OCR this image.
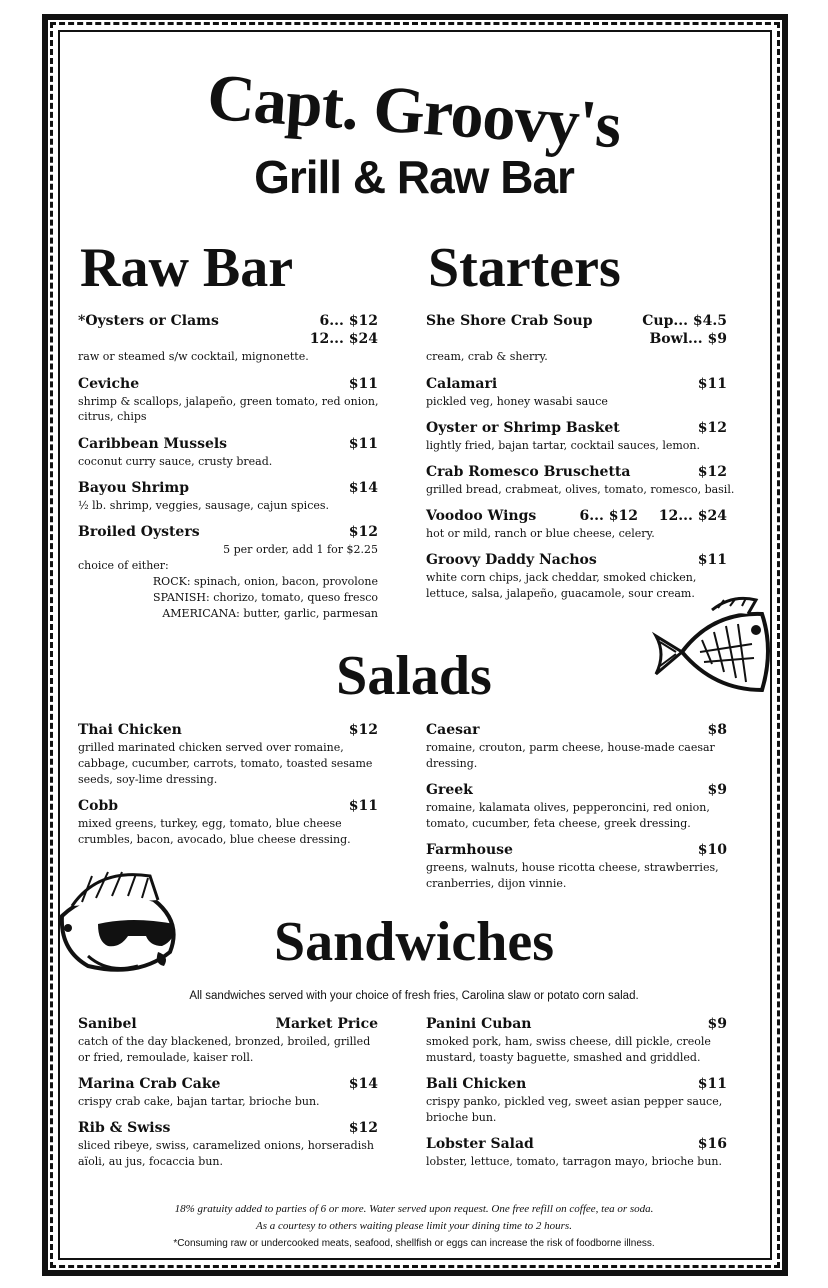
Capt. Groovy's
Grill & Raw Bar
Raw Bar
*Oysters or Clams	6... $12
12... $24
raw or steamed s/w cocktail, mignonette.
Ceviche	$11
shrimp & scallops, jalapeño, green tomato, red onion,
citrus, chips
Caribbean Mussels	$11
coconut curry sauce, crusty bread.
Bayou Shrimp	$14
½ lb. shrimp, veggies, sausage, cajun spices.
Broiled Oysters	$12
5 per order, add 1 for $2.25
choice of either:
ROCK: spinach, onion, bacon, provolone
SPANISH: chorizo, tomato, queso fresco
AMERICANA: butter, garlic, parmesan
Starters
She Shore Crab Soup	Cup... $4.5
Bowl... $9
cream, crab & sherry.
Calamari	$11
pickled veg, honey wasabi sauce
Oyster or Shrimp Basket	$12
lightly fried, bajan tartar, cocktail sauces, lemon.
Crab Romesco Bruschetta	$12
grilled bread, crabmeat, olives, tomato, romesco, basil.
Voodoo Wings	6... $12	12... $24
hot or mild, ranch or blue cheese, celery.
Groovy Daddy Nachos	$11
white corn chips, jack cheddar, smoked chicken,
lettuce, salsa, jalapeño, guacamole, sour cream.
Salads
Thai Chicken	$12
grilled marinated chicken served over romaine,
cabbage, cucumber, carrots, tomato, toasted sesame
seeds, soy-lime dressing.
Cobb	$11
mixed greens, turkey, egg, tomato, blue cheese
crumbles, bacon, avocado, blue cheese dressing.
Caesar	$8
romaine, crouton, parm cheese, house-made caesar
dressing.
Greek	$9
romaine, kalamata olives, pepperoncini, red onion,
tomato, cucumber, feta cheese, greek dressing.
Farmhouse	$10
greens, walnuts, house ricotta cheese, strawberries,
cranberries, dijon vinnie.
Sandwiches
All sandwiches served with your choice of fresh fries, Carolina slaw or potato corn salad.
Sanibel	Market Price
catch of the day blackened, bronzed, broiled, grilled
or fried, remoulade, kaiser roll.
Marina Crab Cake	$14
crispy crab cake, bajan tartar, brioche bun.
Rib & Swiss	$12
sliced ribeye, swiss, caramelized onions, horseradish
aïoli, au jus, focaccia bun.
Panini Cuban	$9
smoked pork, ham, swiss cheese, dill pickle, creole
mustard, toasty baguette, smashed and griddled.
Bali Chicken	$11
crispy panko, pickled veg, sweet asian pepper sauce,
brioche bun.
Lobster Salad	$16
lobster, lettuce, tomato, tarragon mayo, brioche bun.
18% gratuity added to parties of 6 or more. Water served upon request. One free refill on coffee, tea or soda.
As a courtesy to others waiting please limit your dining time to 2 hours.
*Consuming raw or undercooked meats, seafood, shellfish or eggs can increase the risk of foodborne illness.
